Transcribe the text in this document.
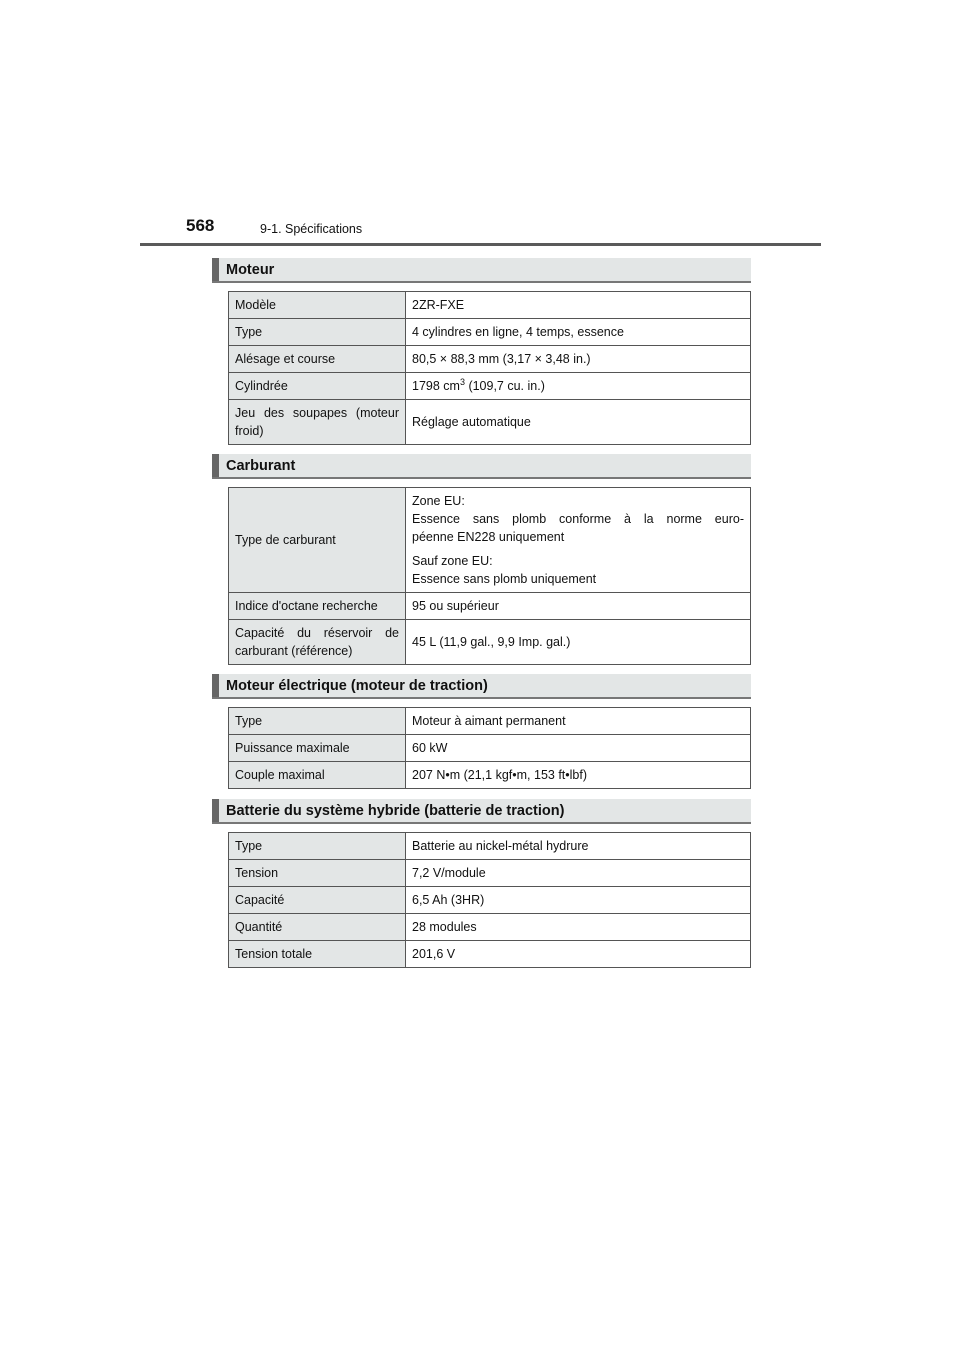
568	9-1. Spécifications
Moteur
Modèle	2ZR-FXE
Type	4 cylindres en ligne, 4 temps, essence
Alésage et course	80,5 × 88,3 mm (3,17 × 3,48 in.)
Cylindrée	1798 $cm^3$ (109,7 cu. in.)

Jeu des soupapes (moteur
froid)	Réglage automatique
Carburant
Type de carburant	Zone EU:
Essence sans plomb conforme à la norme euro-
péenne EN228 uniquement
Sauf zone EU:
Essence sans plomb uniquement

Indice d'octane recherche	95 ou supérieur

Capacité du réservoir de
carburant (référence)	45 L (11,9 gal., 9,9 Imp. gal.)
Moteur électrique (moteur de traction)
Type	Moteur à aimant permanent
Puissance maximale	60 kW
Couple maximal	207 N•m (21,1 kgf•m, 153 ft•lbf)
Batterie du système hybride (batterie de traction)
Type	Batterie au nickel-métal hydrure
Tension	7,2 V/module
Capacité	6,5 Ah (3HR)
Quantité	28 modules
Tension totale	201,6 V
